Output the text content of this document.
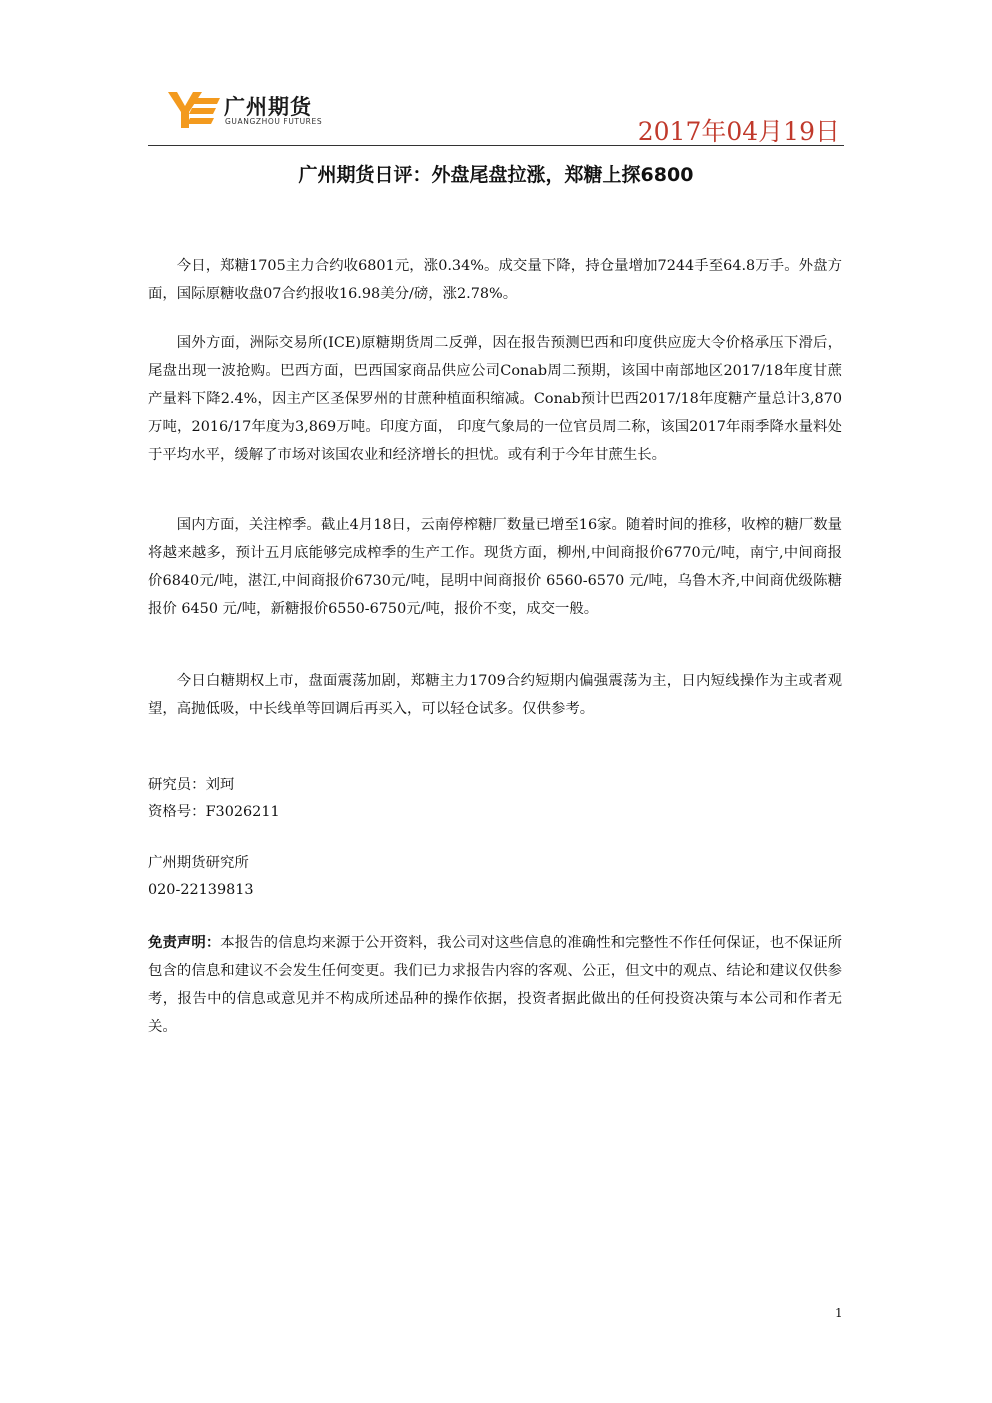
广州期货
GUANGZHOU FUTURES	2017年04月19日
广州期货日评：外盘尾盘拉涨，郑糖上探6800

今日，郑糖1705主力合约收6801元，涨0.34%。成交量下降，持仓量增加7244手至64.8万手。外盘方面，国际原糖收盘07合约报收16.98美分/磅，涨2.78%。

国外方面，洲际交易所(ICE)原糖期货周二反弹，因在报告预测巴西和印度供应庞大令价格承压下滑后，尾盘出现一波抢购。巴西方面，巴西国家商品供应公司Conab周二预期，该国中南部地区2017/18年度甘蔗产量料下降2.4%，因主产区圣保罗州的甘蔗种植面积缩减。Conab预计巴西2017/18年度糖产量总计3,870万吨，2016/17年度为3,869万吨。印度方面， 印度气象局的一位官员周二称，该国2017年雨季降水量料处于平均水平，缓解了市场对该国农业和经济增长的担忧。或有利于今年甘蔗生长。

国内方面，关注榨季。截止4月18日，云南停榨糖厂数量已增至16家。随着时间的推移，收榨的糖厂数量将越来越多，预计五月底能够完成榨季的生产工作。现货方面，柳州,中间商报价6770元/吨，南宁,中间商报价6840元/吨，湛江,中间商报价6730元/吨，昆明中间商报价 6560-6570 元/吨，乌鲁木齐,中间商优级陈糖报价 6450 元/吨，新糖报价6550-6750元/吨，报价不变，成交一般。

今日白糖期权上市，盘面震荡加剧，郑糖主力1709合约短期内偏强震荡为主，日内短线操作为主或者观望，高抛低吸，中长线单等回调后再买入，可以轻仓试多。仅供参考。

研究员：刘珂
资格号：F3026211
广州期货研究所
020-22139813

免责声明：本报告的信息均来源于公开资料，我公司对这些信息的准确性和完整性不作任何保证，也不保证所包含的信息和建议不会发生任何变更。我们已力求报告内容的客观、公正，但文中的观点、结论和建议仅供参考，报告中的信息或意见并不构成所述品种的操作依据，投资者据此做出的任何投资决策与本公司和作者无关。

1
